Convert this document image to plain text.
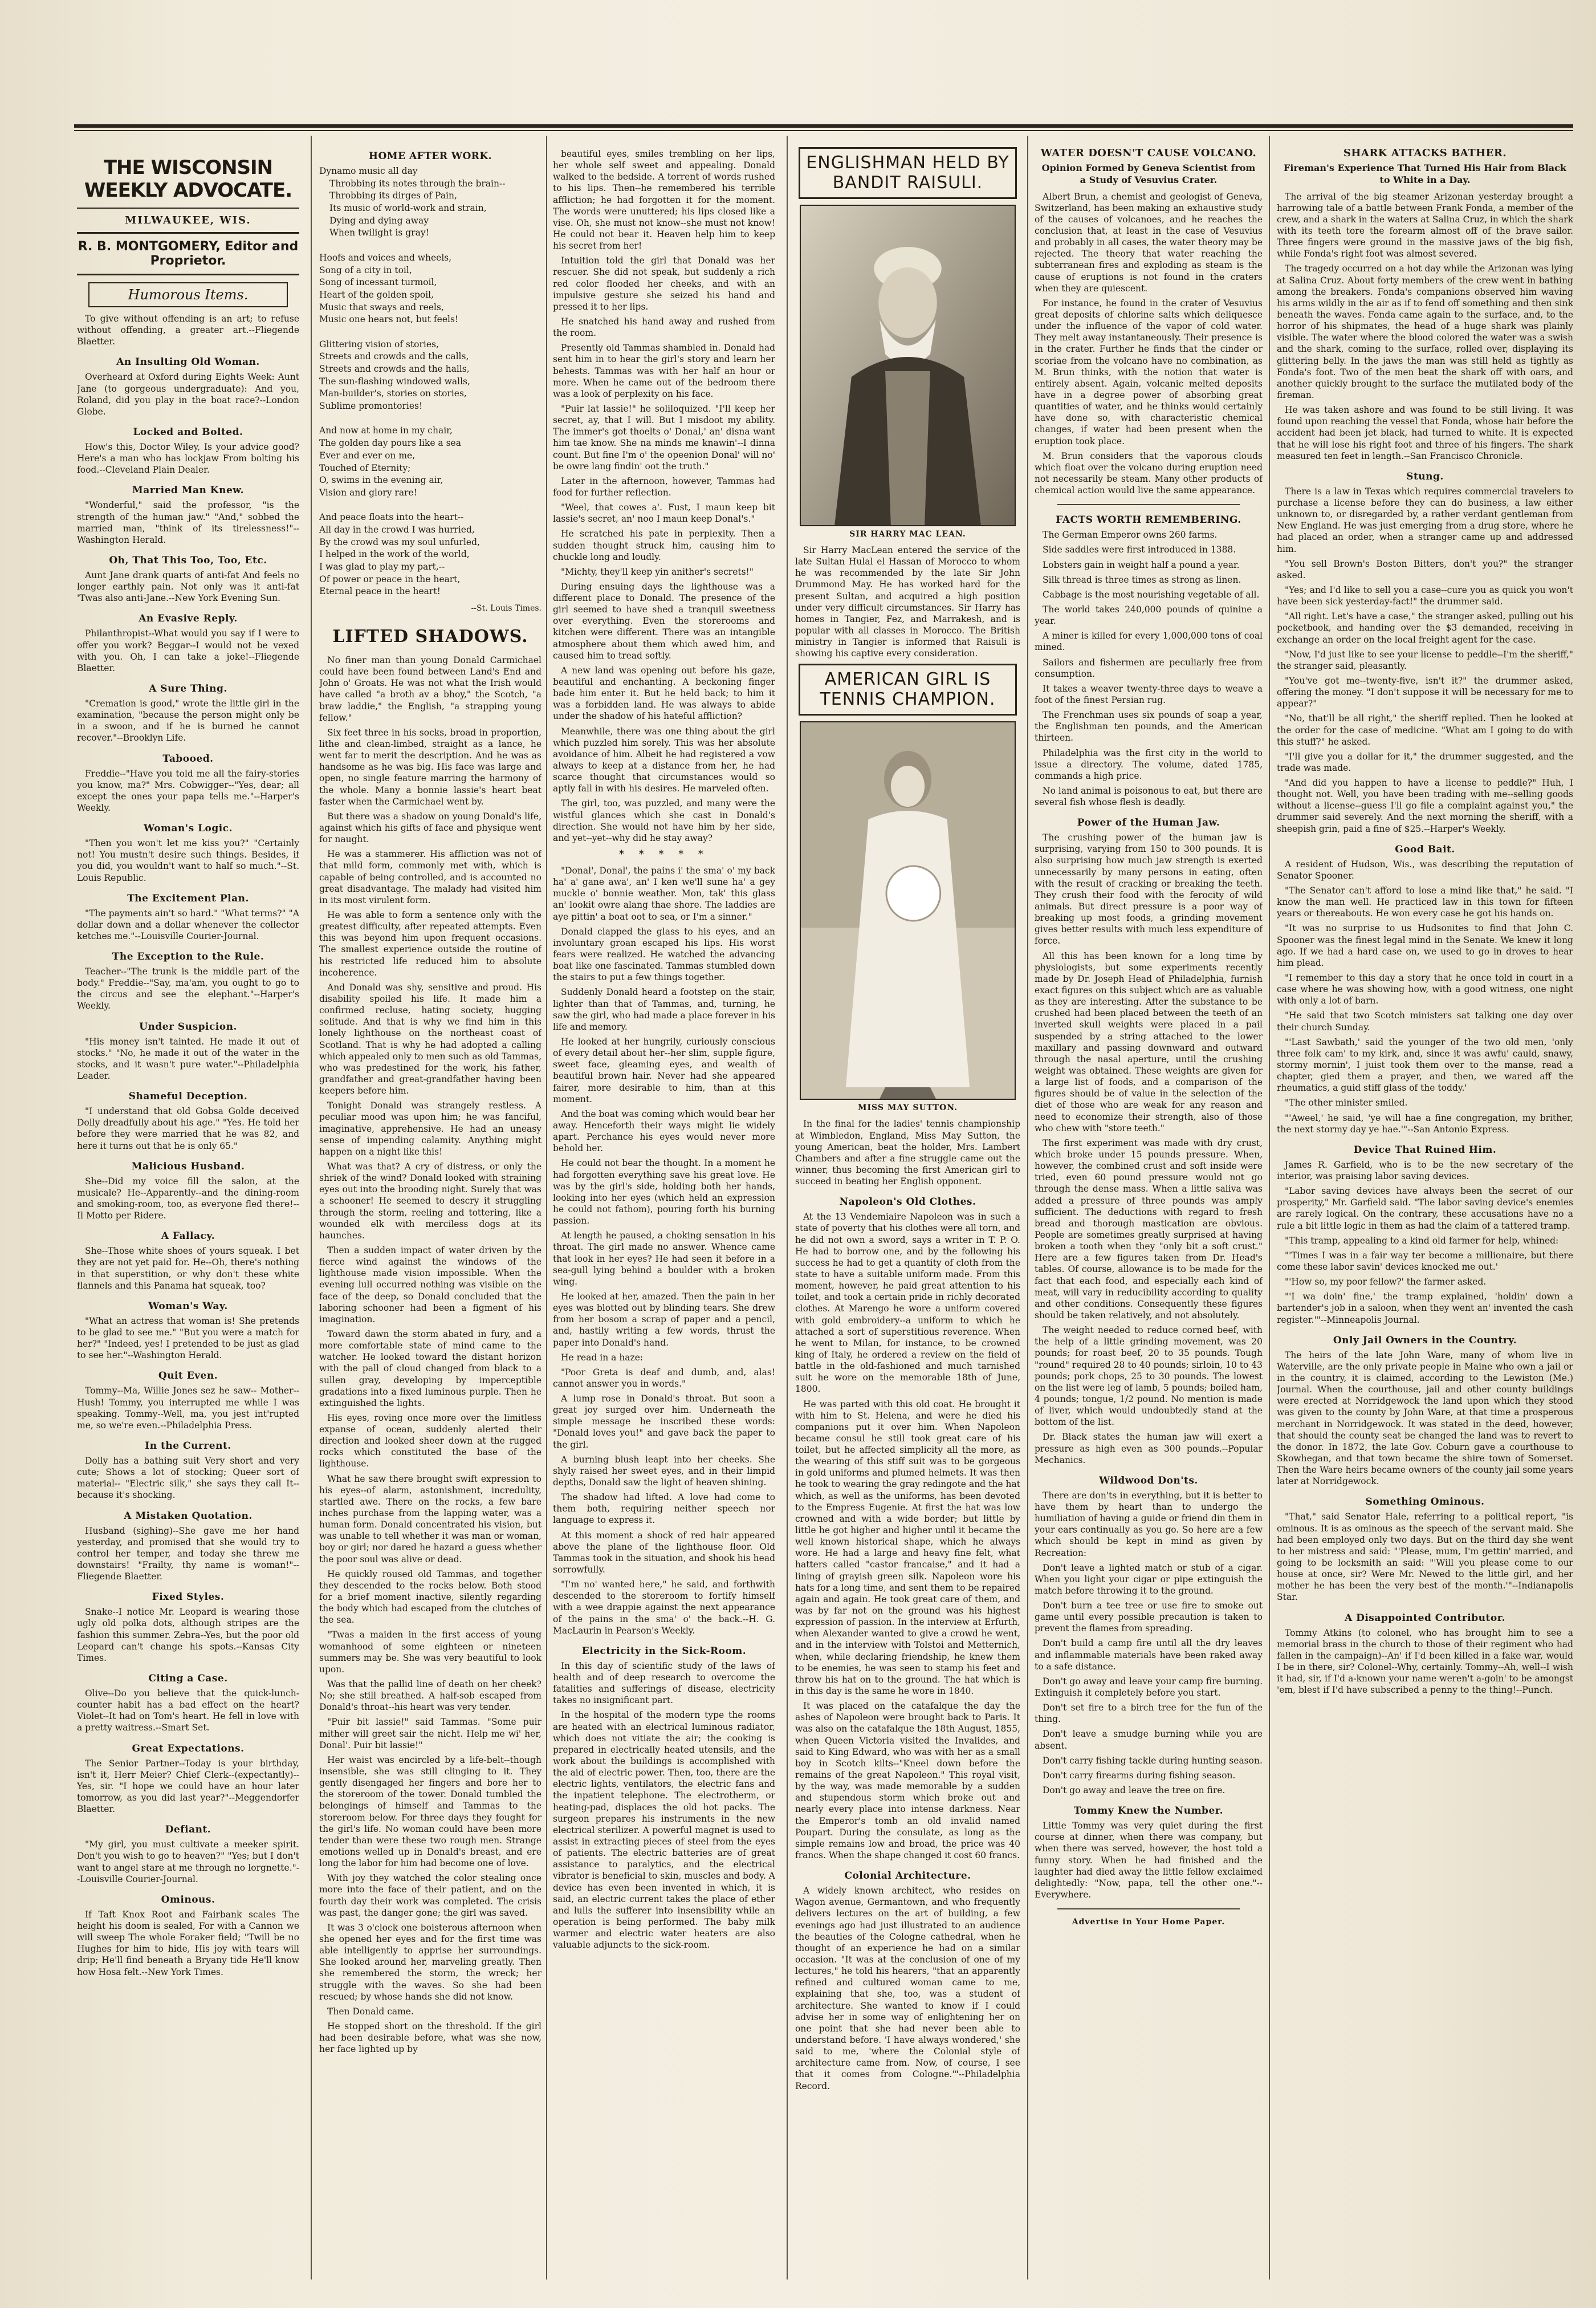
THE WISCONSIN WEEKLY ADVOCATE.
MILWAUKEE, WIS.
R. B. MONTGOMERY, Editor and Proprietor.
Humorous Items.

To give without offending is an art; to refuse without offending, a greater art.--Fliegende Blaetter.

An Insulting Old Woman.

Overheard at Oxford during Eights Week: Aunt Jane (to gorgeous undergraduate): And you, Roland, did you play in the boat race?--London Globe.

Locked and Bolted.

How's this, Doctor Wiley, Is your advice good? Here's a man who has lockjaw From bolting his food.--Cleveland Plain Dealer.

Married Man Knew.

"Wonderful," said the professor, "is the strength of the human jaw." "And," sobbed the married man, "think of its tirelessness!"--Washington Herald.

Oh, That This Too, Too, Etc.

Aunt Jane drank quarts of anti-fat And feels no longer earthly pain. Not only was it anti-fat 'Twas also anti-Jane.--New York Evening Sun.

An Evasive Reply.

Philanthropist--What would you say if I were to offer you work? Beggar--I would not be vexed with you. Oh, I can take a joke!--Fliegende Blaetter.

A Sure Thing.

"Cremation is good," wrote the little girl in the examination, "because the person might only be in a swoon, and if he is burned he cannot recover."--Brooklyn Life.

Tabooed.

Freddie--"Have you told me all the fairy-stories you know, ma?" Mrs. Cobwigger--"Yes, dear; all except the ones your papa tells me."--Harper's Weekly.

Woman's Logic.

"Then you won't let me kiss you?" "Certainly not! You mustn't desire such things. Besides, if you did, you wouldn't want to half so much."--St. Louis Republic.

The Excitement Plan.

"The payments ain't so hard." "What terms?" "A dollar down and a dollar whenever the collector ketches me."--Louisville Courier-Journal.

The Exception to the Rule.

Teacher--"The trunk is the middle part of the body." Freddie--"Say, ma'am, you ought to go to the circus and see the elephant."--Harper's Weekly.

Under Suspicion.

"His money isn't tainted. He made it out of stocks." "No, he made it out of the water in the stocks, and it wasn't pure water."--Philadelphia Leader.

Shameful Deception.

"I understand that old Gobsa Golde deceived Dolly dreadfully about his age." "Yes. He told her before they were married that he was 82, and here it turns out that he is only 65."

Malicious Husband.

She--Did my voice fill the salon, at the musicale? He--Apparently--and the dining-room and smoking-room, too, as everyone fled there!--Il Motto per Ridere.

A Fallacy.

She--Those white shoes of yours squeak. I bet they are not yet paid for. He--Oh, there's nothing in that superstition, or why don't these white flannels and this Panama hat squeak, too?

Woman's Way.

"What an actress that woman is! She pretends to be glad to see me." "But you were a match for her?" "Indeed, yes! I pretended to be just as glad to see her."--Washington Herald.

Quit Even.

Tommy--Ma, Willie Jones sez he saw-- Mother--Hush! Tommy, you interrupted me while I was speaking. Tommy--Well, ma, you jest int'rupted me, so we're even.--Philadelphia Press.

In the Current.

Dolly has a bathing suit Very short and very cute; Shows a lot of stocking; Queer sort of material-- "Electric silk," she says they call It--because it's shocking.

A Mistaken Quotation.

Husband (sighing)--She gave me her hand yesterday, and promised that she would try to control her temper, and today she threw me downstairs! "Frailty, thy name is woman!"--Fliegende Blaetter.

Fixed Styles.

Snake--I notice Mr. Leopard is wearing those ugly old polka dots, although stripes are the fashion this summer. Zebra--Yes, but the poor old Leopard can't change his spots.--Kansas City Times.

Citing a Case.

Olive--Do you believe that the quick-lunch-counter habit has a bad effect on the heart? Violet--It had on Tom's heart. He fell in love with a pretty waitress.--Smart Set.

Great Expectations.

The Senior Partner--Today is your birthday, isn't it, Herr Meier? Chief Clerk--(expectantly)--Yes, sir. "I hope we could have an hour later tomorrow, as you did last year?"--Meggendorfer Blaetter.

Defiant.

"My girl, you must cultivate a meeker spirit. Don't you wish to go to heaven?" "Yes; but I don't want to angel stare at me through no lorgnette."--Louisville Courier-Journal.

Ominous.

If Taft Knox Root and Fairbank scales The height his doom is sealed, For with a Cannon we will sweep The whole Foraker field; "Twill be no Hughes for him to hide, His joy with tears will drip; He'll find beneath a Bryany tide He'll know how Hosa felt.--New York Times.

HOME AFTER WORK.

Dynamo music all day

Throbbing its notes through the brain--

Throbbing its dirges of Pain,

Its music of world-work and strain,

Dying and dying away

When twilight is gray!

Hoofs and voices and wheels,

Song of a city in toil,

Song of incessant turmoil,

Heart of the golden spoil,

Music that sways and reels,

Music one hears not, but feels!

Glittering vision of stories,

Streets and crowds and the calls,

Streets and crowds and the halls,

The sun-flashing windowed walls,

Man-builder's, stories on stories,

Sublime promontories!

And now at home in my chair,

The golden day pours like a sea

Ever and ever on me,

Touched of Eternity;

O, swims in the evening air,

Vision and glory rare!

And peace floats into the heart--

All day in the crowd I was hurried,

By the crowd was my soul unfurled,

I helped in the work of the world,

I was glad to play my part,--

Of power or peace in the heart,

Eternal peace in the heart!

--St. Louis Times.
LIFTED SHADOWS.

No finer man than young Donald Carmichael could have been found between Land's End and John o' Groats. He was not what the Irish would have called "a broth av a bhoy," the Scotch, "a braw laddie," the English, "a strapping young fellow."

Six feet three in his socks, broad in proportion, lithe and clean-limbed, straight as a lance, he went far to merit the description. And he was as handsome as he was big. His face was large and open, no single feature marring the harmony of the whole. Many a bonnie lassie's heart beat faster when the Carmichael went by.

But there was a shadow on young Donald's life, against which his gifts of face and physique went for naught.

He was a stammerer. His affliction was not of that mild form, commonly met with, which is capable of being controlled, and is accounted no great disadvantage. The malady had visited him in its most virulent form.

He was able to form a sentence only with the greatest difficulty, after repeated attempts. Even this was beyond him upon frequent occasions. The smallest experience outside the routine of his restricted life reduced him to absolute incoherence.

And Donald was shy, sensitive and proud. His disability spoiled his life. It made him a confirmed recluse, hating society, hugging solitude. And that is why we find him in this lonely lighthouse on the northeast coast of Scotland. That is why he had adopted a calling which appealed only to men such as old Tammas, who was predestined for the work, his father, grandfather and great-grandfather having been keepers before him.

Tonight Donald was strangely restless. A peculiar mood was upon him; he was fanciful, imaginative, apprehensive. He had an uneasy sense of impending calamity. Anything might happen on a night like this!

What was that? A cry of distress, or only the shriek of the wind? Donald looked with straining eyes out into the brooding night. Surely that was a schooner! He seemed to descry it struggling through the storm, reeling and tottering, like a wounded elk with merciless dogs at its haunches.

Then a sudden impact of water driven by the fierce wind against the windows of the lighthouse made vision impossible. When the evening lull occurred nothing was visible on the face of the deep, so Donald concluded that the laboring schooner had been a figment of his imagination.

Toward dawn the storm abated in fury, and a more comfortable state of mind came to the watcher. He looked toward the distant horizon with the pall of cloud changed from black to a sullen gray, developing by imperceptible gradations into a fixed luminous purple. Then he extinguished the lights.

His eyes, roving once more over the limitless expanse of ocean, suddenly alerted their direction and looked sheer down at the rugged rocks which constituted the base of the lighthouse.

What he saw there brought swift expression to his eyes--of alarm, astonishment, incredulity, startled awe. There on the rocks, a few bare inches purchase from the lapping water, was a human form. Donald concentrated his vision, but was unable to tell whether it was man or woman, boy or girl; nor dared he hazard a guess whether the poor soul was alive or dead.

He quickly roused old Tammas, and together they descended to the rocks below. Both stood for a brief moment inactive, silently regarding the body which had escaped from the clutches of the sea.

"Twas a maiden in the first access of young womanhood of some eighteen or nineteen summers may be. She was very beautiful to look upon.

Was that the pallid line of death on her cheek? No; she still breathed. A half-sob escaped from Donald's throat--his heart was very tender.

"Puir bit lassie!" said Tammas. "Some puir mither will greet sair the nicht. Help me wi' her, Donal'. Puir bit lassie!"

Her waist was encircled by a life-belt--though insensible, she was still clinging to it. They gently disengaged her fingers and bore her to the storeroom of the tower. Donald tumbled the belongings of himself and Tammas to the storeroom below. For three days they fought for the girl's life. No woman could have been more tender than were these two rough men. Strange emotions welled up in Donald's breast, and ere long the labor for him had become one of love.

With joy they watched the color stealing once more into the face of their patient, and on the fourth day their work was completed. The crisis was past, the danger gone; the girl was saved.

It was 3 o'clock one boisterous afternoon when she opened her eyes and for the first time was able intelligently to apprise her surroundings. She looked around her, marveling greatly. Then she remembered the storm, the wreck; her struggle with the waves. So she had been rescued; by whose hands she did not know.

Then Donald came.

He stopped short on the threshold. If the girl had been desirable before, what was she now, her face lighted up by

beautiful eyes, smiles trembling on her lips, her whole self sweet and appealing. Donald walked to the bedside. A torrent of words rushed to his lips. Then--he remembered his terrible affliction; he had forgotten it for the moment. The words were unuttered; his lips closed like a vise. Oh, she must not know--she must not know! He could not bear it. Heaven help him to keep his secret from her!

Intuition told the girl that Donald was her rescuer. She did not speak, but suddenly a rich red color flooded her cheeks, and with an impulsive gesture she seized his hand and pressed it to her lips.

He snatched his hand away and rushed from the room.

Presently old Tammas shambled in. Donald had sent him in to hear the girl's story and learn her behests. Tammas was with her half an hour or more. When he came out of the bedroom there was a look of perplexity on his face.

"Puir lat lassie!" he soliloquized. "I'll keep her secret, ay, that I will. But I misdoot my ability. The immer's got thoelts o' Donal,' an' disna want him tae know. She na minds me knawin'--I dinna count. But fine I'm o' the opeenion Donal' will no' be owre lang findin' oot the truth."

Later in the afternoon, however, Tammas had food for further reflection.

"Weel, that cowes a'. Fust, I maun keep bit lassie's secret, an' noo I maun keep Donal's."

He scratched his pate in perplexity. Then a sudden thought struck him, causing him to chuckle long and loudly.

"Michty, they'll keep yin anither's secrets!"

During ensuing days the lighthouse was a different place to Donald. The presence of the girl seemed to have shed a tranquil sweetness over everything. Even the storerooms and kitchen were different. There was an intangible atmosphere about them which awed him, and caused him to tread softly.

A new land was opening out before his gaze, beautiful and enchanting. A beckoning finger bade him enter it. But he held back; to him it was a forbidden land. He was always to abide under the shadow of his hateful affliction?

Meanwhile, there was one thing about the girl which puzzled him sorely. This was her absolute avoidance of him. Albeit he had registered a vow always to keep at a distance from her, he had scarce thought that circumstances would so aptly fall in with his desires. He marveled often.

The girl, too, was puzzled, and many were the wistful glances which she cast in Donald's direction. She would not have him by her side, and yet--yet--why did he stay away?

* * * * *

"Donal', Donal', the pains i' the sma' o' my back ha' a' gane awa', an' I ken we'll sune ha' a gey muckle o' bonnie weather. Mon, tak' this glass an' lookit owre alang thae shore. The laddies are aye pittin' a boat oot to sea, or I'm a sinner."

Donald clapped the glass to his eyes, and an involuntary groan escaped his lips. His worst fears were realized. He watched the advancing boat like one fascinated. Tammas stumbled down the stairs to put a few things together.

Suddenly Donald heard a footstep on the stair, lighter than that of Tammas, and, turning, he saw the girl, who had made a place forever in his life and memory.

He looked at her hungrily, curiously conscious of every detail about her--her slim, supple figure, sweet face, gleaming eyes, and wealth of beautiful brown hair. Never had she appeared fairer, more desirable to him, than at this moment.

And the boat was coming which would bear her away. Henceforth their ways might lie widely apart. Perchance his eyes would never more behold her.

He could not bear the thought. In a moment he had forgotten everything save his great love. He was by the girl's side, holding both her hands, looking into her eyes (which held an expression he could not fathom), pouring forth his burning passion.

At length he paused, a choking sensation in his throat. The girl made no answer. Whence came that look in her eyes? He had seen it before in a sea-gull lying behind a boulder with a broken wing.

He looked at her, amazed. Then the pain in her eyes was blotted out by blinding tears. She drew from her bosom a scrap of paper and a pencil, and, hastily writing a few words, thrust the paper into Donald's hand.

He read in a haze:

"Poor Greta is deaf and dumb, and, alas! cannot answer you in words."

A lump rose in Donald's throat. But soon a great joy surged over him. Underneath the simple message he inscribed these words: "Donald loves you!" and gave back the paper to the girl.

A burning blush leapt into her cheeks. She shyly raised her sweet eyes, and in their limpid depths, Donald saw the light of heaven shining.

The shadow had lifted. A love had come to them both, requiring neither speech nor language to express it.

At this moment a shock of red hair appeared above the plane of the lighthouse floor. Old Tammas took in the situation, and shook his head sorrowfully.

"I'm no' wanted here," he said, and forthwith descended to the storeroom to fortify himself with a wee drappie against the next appearance of the pains in the sma' o' the back.--H. G. MacLaurin in Pearson's Weekly.

Electricity in the Sick-Room.

In this day of scientific study of the laws of health and of deep research to overcome the fatalities and sufferings of disease, electricity takes no insignificant part.

In the hospital of the modern type the rooms are heated with an electrical luminous radiator, which does not vitiate the air; the cooking is prepared in electrically heated utensils, and the work about the buildings is accomplished with the aid of electric power. Then, too, there are the electric lights, ventilators, the electric fans and the inpatient telephone. The electrotherm, or heating-pad, displaces the old hot packs. The surgeon prepares his instruments in the new electrical sterilizer. A powerful magnet is used to assist in extracting pieces of steel from the eyes of patients. The electric batteries are of great assistance to paralytics, and the electrical vibrator is beneficial to skin, muscles and body. A device has even been invented in which, it is said, an electric current takes the place of ether and lulls the sufferer into insensibility while an operation is being performed. The baby milk warmer and electric water heaters are also valuable adjuncts to the sick-room.

ENGLISHMAN HELD BY BANDIT RAISULI.
SIR HARRY MAC LEAN.

Sir Harry MacLean entered the service of the late Sultan Hulal el Hassan of Morocco to whom he was recommended by the late Sir John Drummond May. He has worked hard for the present Sultan, and acquired a high position under very difficult circumstances. Sir Harry has homes in Tangier, Fez, and Marrakesh, and is popular with all classes in Morocco. The British ministry in Tangier is informed that Raisuli is showing his captive every consideration.

AMERICAN GIRL IS TENNIS CHAMPION.
MISS MAY SUTTON.

In the final for the ladies' tennis championship at Wimbledon, England, Miss May Sutton, the young American, beat the holder, Mrs. Lambert Chambers and after a fine struggle came out the winner, thus becoming the first American girl to succeed in beating her English opponent.

Napoleon's Old Clothes.

At the 13 Vendemiaire Napoleon was in such a state of poverty that his clothes were all torn, and he did not own a sword, says a writer in T. P. O. He had to borrow one, and by the following his success he had to get a quantity of cloth from the state to have a suitable uniform made. From this moment, however, he paid great attention to his toilet, and took a certain pride in richly decorated clothes. At Marengo he wore a uniform covered with gold embroidery--a uniform to which he attached a sort of superstitious reverence. When he went to Milan, for instance, to be crowned king of Italy, he ordered a review on the field of battle in the old-fashioned and much tarnished suit he wore on the memorable 18th of June, 1800.

He was parted with this old coat. He brought it with him to St. Helena, and were he died his companions put it over him. When Napoleon became consul he still took great care of his toilet, but he affected simplicity all the more, as the wearing of this stiff suit was to be gorgeous in gold uniforms and plumed helmets. It was then he took to wearing the gray redingote and the hat which, as well as the uniforms, has been devoted to the Empress Eugenie. At first the hat was low crowned and with a wide border; but little by little he got higher and higher until it became the well known historical shape, which he always wore. He had a large and heavy fine felt, what hatters called "castor francaise," and it had a lining of grayish green silk. Napoleon wore his hats for a long time, and sent them to be repaired again and again. He took great care of them, and was by far not on the ground was his highest expression of passion. In the interview at Erfurth, when Alexander wanted to give a crowd he went, and in the interview with Tolstoi and Metternich, when, while declaring friendship, he knew them to be enemies, he was seen to stamp his feet and throw his hat on to the ground. The hat which is in this day is the same he wore in 1840.

It was placed on the catafalque the day the ashes of Napoleon were brought back to Paris. It was also on the catafalque the 18th August, 1855, when Queen Victoria visited the Invalides, and said to King Edward, who was with her as a small boy in Scotch kilts--"Kneel down before the remains of the great Napoleon." This royal visit, by the way, was made memorable by a sudden and stupendous storm which broke out and nearly every place into intense darkness. Near the Emperor's tomb an old invalid named Poupart. During the consulate, as long as the simple remains low and broad, the price was 40 francs. When the shape changed it cost 60 francs.

Colonial Architecture.

A widely known architect, who resides on Wagon avenue, Germantown, and who frequently delivers lectures on the art of building, a few evenings ago had just illustrated to an audience the beauties of the Cologne cathedral, when he thought of an experience he had on a similar occasion. "It was at the conclusion of one of my lectures," he told his hearers, "that an apparently refined and cultured woman came to me, explaining that she, too, was a student of architecture. She wanted to know if I could advise her in some way of enlightening her on one point that she had never been able to understand before. 'I have always wondered,' she said to me, 'where the Colonial style of architecture came from. Now, of course, I see that it comes from Cologne.'"--Philadelphia Record.

WATER DOESN'T CAUSE VOLCANO.
Opinion Formed by Geneva Scientist from a Study of Vesuvius Crater.

Albert Brun, a chemist and geologist of Geneva, Switzerland, has been making an exhaustive study of the causes of volcanoes, and he reaches the conclusion that, at least in the case of Vesuvius and probably in all cases, the water theory may be rejected. The theory that water reaching the subterranean fires and exploding as steam is the cause of eruptions is not found in the craters when they are quiescent.

For instance, he found in the crater of Vesuvius great deposits of chlorine salts which deliquesce under the influence of the vapor of cold water. They melt away instantaneously. Their presence is in the crater. Further he finds that the cinder or scoriae from the volcano have no combination, as M. Brun thinks, with the notion that water is entirely absent. Again, volcanic melted deposits have in a degree power of absorbing great quantities of water, and he thinks would certainly have done so, with characteristic chemical changes, if water had been present when the eruption took place.

M. Brun considers that the vaporous clouds which float over the volcano during eruption need not necessarily be steam. Many other products of chemical action would live the same appearance.

FACTS WORTH REMEMBERING.

The German Emperor owns 260 farms.

Side saddles were first introduced in 1388.

Lobsters gain in weight half a pound a year.

Silk thread is three times as strong as linen.

Cabbage is the most nourishing vegetable of all.

The world takes 240,000 pounds of quinine a year.

A miner is killed for every 1,000,000 tons of coal mined.

Sailors and fishermen are peculiarly free from consumption.

It takes a weaver twenty-three days to weave a foot of the finest Persian rug.

The Frenchman uses six pounds of soap a year, the Englishman ten pounds, and the American thirteen.

Philadelphia was the first city in the world to issue a directory. The volume, dated 1785, commands a high price.

No land animal is poisonous to eat, but there are several fish whose flesh is deadly.

Power of the Human Jaw.

The crushing power of the human jaw is surprising, varying from 150 to 300 pounds. It is also surprising how much jaw strength is exerted unnecessarily by many persons in eating, often with the result of cracking or breaking the teeth. They crush their food with the ferocity of wild animals. But direct pressure is a poor way of breaking up most foods, a grinding movement gives better results with much less expenditure of force.

All this has been known for a long time by physiologists, but some experiments recently made by Dr. Joseph Head of Philadelphia, furnish exact figures on this subject which are as valuable as they are interesting. After the substance to be crushed had been placed between the teeth of an inverted skull weights were placed in a pail suspended by a string attached to the lower maxillary and passing downward and outward through the nasal aperture, until the crushing weight was obtained. These weights are given for a large list of foods, and a comparison of the figures should be of value in the selection of the diet of those who are weak for any reason and need to economize their strength, also of those who chew with "store teeth."

The first experiment was made with dry crust, which broke under 15 pounds pressure. When, however, the combined crust and soft inside were tried, even 60 pound pressure would not go through the dense mass. When a little saliva was added a pressure of three pounds was amply sufficient. The deductions with regard to fresh bread and thorough mastication are obvious. People are sometimes greatly surprised at having broken a tooth when they "only bit a soft crust." Here are a few figures taken from Dr. Head's tables. Of course, allowance is to be made for the fact that each food, and especially each kind of meat, will vary in reducibility according to quality and other conditions. Consequently these figures should be taken relatively, and not absolutely.

The weight needed to reduce corned beef, with the help of a little grinding movement, was 20 pounds; for roast beef, 20 to 35 pounds. Tough "round" required 28 to 40 pounds; sirloin, 10 to 43 pounds; pork chops, 25 to 30 pounds. The lowest on the list were leg of lamb, 5 pounds; boiled ham, 4 pounds; tongue, 1/2 pound. No mention is made of liver, which would undoubtedly stand at the bottom of the list.

Dr. Black states the human jaw will exert a pressure as high even as 300 pounds.--Popular Mechanics.

Wildwood Don'ts.

There are don'ts in everything, but it is better to have them by heart than to undergo the humiliation of having a guide or friend din them in your ears continually as you go. So here are a few which should be kept in mind as given by Recreation:

Don't leave a lighted match or stub of a cigar. When you light your cigar or pipe extinguish the match before throwing it to the ground.

Don't burn a tee tree or use fire to smoke out game until every possible precaution is taken to prevent the flames from spreading.

Don't build a camp fire until all the dry leaves and inflammable materials have been raked away to a safe distance.

Don't go away and leave your camp fire burning. Extinguish it completely before you start.

Don't set fire to a birch tree for the fun of the thing.

Don't leave a smudge burning while you are absent.

Don't carry fishing tackle during hunting season.

Don't carry firearms during fishing season.

Don't go away and leave the tree on fire.

Tommy Knew the Number.

Little Tommy was very quiet during the first course at dinner, when there was company, but when there was served, however, the host told a funny story. When he had finished and the laughter had died away the little fellow exclaimed delightedly: "Now, papa, tell the other one."--Everywhere.

Advertise in Your Home Paper.
SHARK ATTACKS BATHER.
Fireman's Experience That Turned His Hair from Black to White in a Day.

The arrival of the big steamer Arizonan yesterday brought a harrowing tale of a battle between Frank Fonda, a member of the crew, and a shark in the waters at Salina Cruz, in which the shark with its teeth tore the forearm almost off of the brave sailor. Three fingers were ground in the massive jaws of the big fish, while Fonda's right foot was almost severed.

The tragedy occurred on a hot day while the Arizonan was lying at Salina Cruz. About forty members of the crew went in bathing among the breakers. Fonda's companions observed him waving his arms wildly in the air as if to fend off something and then sink beneath the waves. Fonda came again to the surface, and, to the horror of his shipmates, the head of a huge shark was plainly visible. The water where the blood colored the water was a swish and the shark, coming to the surface, rolled over, displaying its glittering belly. In the jaws the man was still held as tightly as Fonda's foot. Two of the men beat the shark off with oars, and another quickly brought to the surface the mutilated body of the fireman.

He was taken ashore and was found to be still living. It was found upon reaching the vessel that Fonda, whose hair before the accident had been jet black, had turned to white. It is expected that he will lose his right foot and three of his fingers. The shark measured ten feet in length.--San Francisco Chronicle.

Stung.

There is a law in Texas which requires commercial travelers to purchase a license before they can do business, a law either unknown to, or disregarded by, a rather verdant gentleman from New England. He was just emerging from a drug store, where he had placed an order, when a stranger came up and addressed him.

"You sell Brown's Boston Bitters, don't you?" the stranger asked.

"Yes; and I'd like to sell you a case--cure you as quick you won't have been sick yesterday-fact!" the drummer said.

"All right. Let's have a case," the stranger asked, pulling out his pocketbook, and handing over the $3 demanded, receiving in exchange an order on the local freight agent for the case.

"Now, I'd just like to see your license to peddle--I'm the sheriff," the stranger said, pleasantly.

"You've got me--twenty-five, isn't it?" the drummer asked, offering the money. "I don't suppose it will be necessary for me to appear?"

"No, that'll be all right," the sheriff replied. Then he looked at the order for the case of medicine. "What am I going to do with this stuff?" he asked.

"I'll give you a dollar for it," the drummer suggested, and the trade was made.

"And did you happen to have a license to peddle?" Huh, I thought not. Well, you have been trading with me--selling goods without a license--guess I'll go file a complaint against you," the drummer said severely. And the next morning the sheriff, with a sheepish grin, paid a fine of $25.--Harper's Weekly.

Good Bait.

A resident of Hudson, Wis., was describing the reputation of Senator Spooner.

"The Senator can't afford to lose a mind like that," he said. "I know the man well. He practiced law in this town for fifteen years or thereabouts. He won every case he got his hands on.

"It was no surprise to us Hudsonites to find that John C. Spooner was the finest legal mind in the Senate. We knew it long ago. If we had a hard case on, we used to go in droves to hear him plead.

"I remember to this day a story that he once told in court in a case where he was showing how, with a good witness, one night with only a lot of barn.

"He said that two Scotch ministers sat talking one day over their church Sunday.

"'Last Sawbath,' said the younger of the two old men, 'only three folk cam' to my kirk, and, since it was awfu' cauld, snawy, stormy mornin', I juist took them over to the manse, read a chapter, gied them a prayer, and then, we wared aff the rheumatics, a guid stiff glass of the toddy.'

"The other minister smiled.

"'Aweel,' he said, 'ye will hae a fine congregation, my brither, the next stormy day ye hae.'"--San Antonio Express.

Device That Ruined Him.

James R. Garfield, who is to be the new secretary of the interior, was praising labor saving devices.

"Labor saving devices have always been the secret of our prosperity," Mr. Garfield said. "The labor saving device's enemies are rarely logical. On the contrary, these accusations have no a rule a bit little logic in them as had the claim of a tattered tramp.

"This tramp, appealing to a kind old farmer for help, whined:

"'Times I was in a fair way ter become a millionaire, but there come these labor savin' devices knocked me out.'

"'How so, my poor fellow?' the farmer asked.

"'I wa doin' fine,' the tramp explained, 'holdin' down a bartender's job in a saloon, when they went an' invented the cash register.'"--Minneapolis Journal.

Only Jail Owners in the Country.

The heirs of the late John Ware, many of whom live in Waterville, are the only private people in Maine who own a jail or in the country, it is claimed, according to the Lewiston (Me.) Journal. When the courthouse, jail and other county buildings were erected at Norridgewock the land upon which they stood was given to the county by John Ware, at that time a prosperous merchant in Norridgewock. It was stated in the deed, however, that should the county seat be changed the land was to revert to the donor. In 1872, the late Gov. Coburn gave a courthouse to Skowhegan, and that town became the shire town of Somerset. Then the Ware heirs became owners of the county jail some years later at Norridgewock.

Something Ominous.

"That," said Senator Hale, referring to a political report, "is ominous. It is as ominous as the speech of the servant maid. She had been employed only two days. But on the third day she went to her mistress and said: "'Please, mum, I'm gettin' married, and going to be locksmith an said: "'Will you please come to our house at once, sir? Were Mr. Newed to the little girl, and her mother he has been the very best of the month.'"--Indianapolis Star.

A Disappointed Contributor.

Tommy Atkins (to colonel, who has brought him to see a memorial brass in the church to those of their regiment who had fallen in the campaign)--An' if I'd been killed in a fake war, would I be in there, sir? Colonel--Why, certainly. Tommy--Ah, well--I wish it had, sir, if I'd a-known your name weren't a-goin' to be amongst 'em, blest if I'd have subscribed a penny to the thing!--Punch.
